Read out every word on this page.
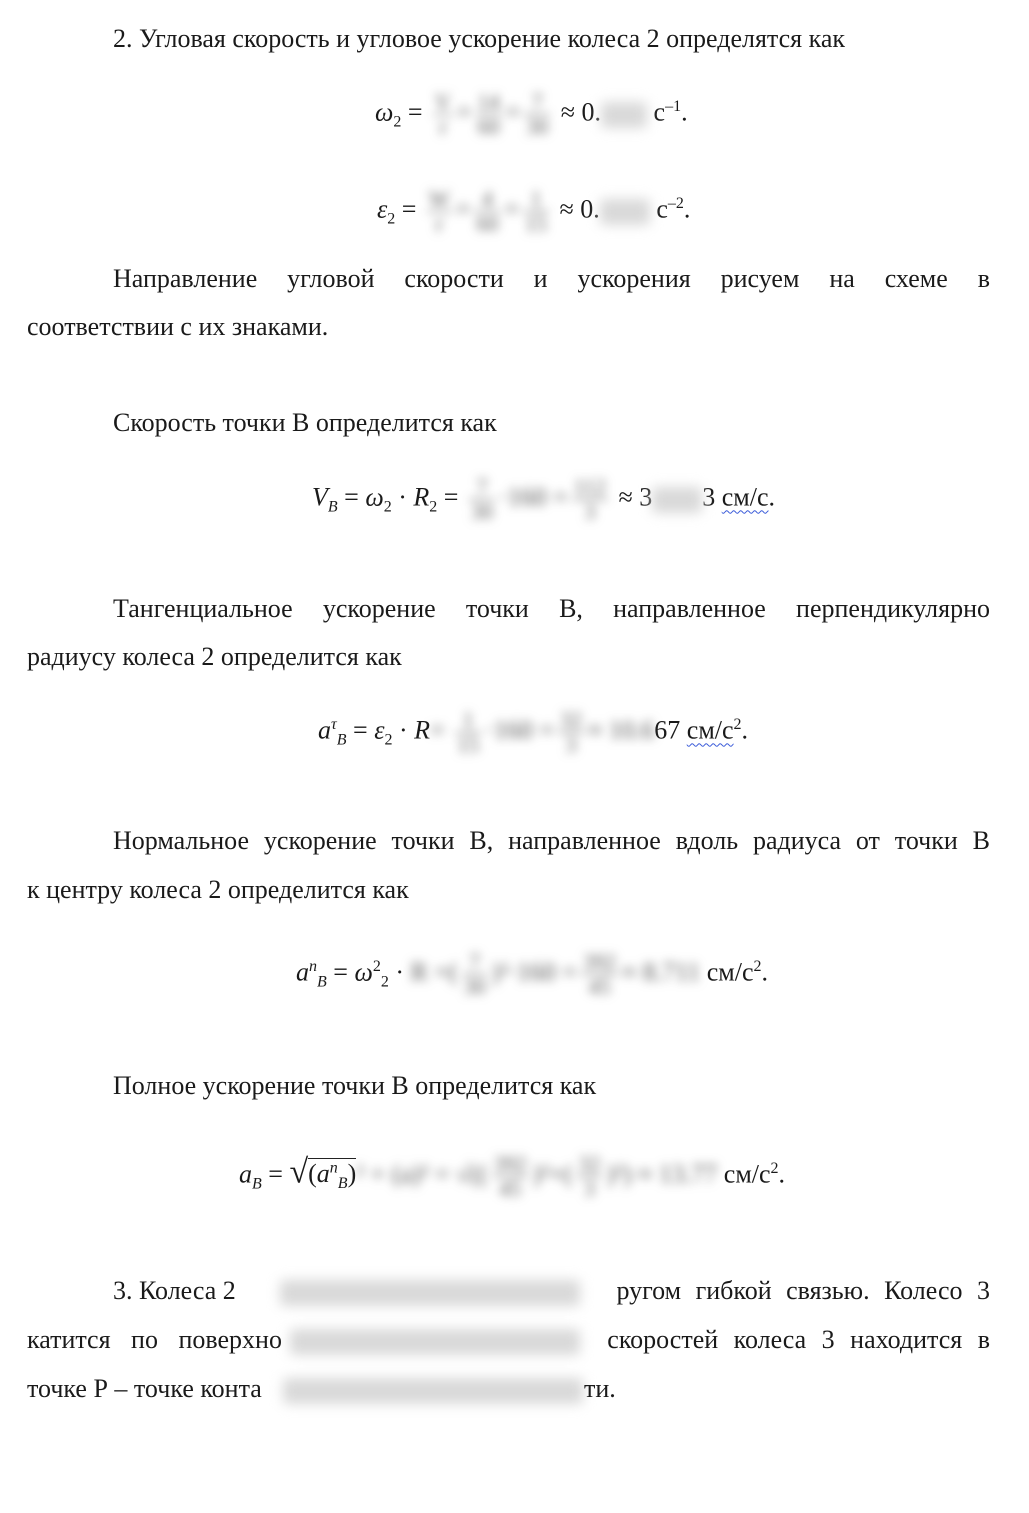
2. Угловая скорость и угловое ускорение колеса 2 определятся как
$\omega_2 = \frac{V}{r} = \frac{14}{60} = \frac{7}{30} \approx 0$. $c^{-1}$.
$\varepsilon_2 = \frac{W}{r} = \frac{4}{60} = \frac{1}{15} \approx 0$. $c^{-2}$.
Направление угловой скорости и ускорения рисуем на схеме в
соответствии с их знаками.
Скорость точки В определится как
$V_B = \omega_2 \cdot R_2 = \frac{7}{30} \cdot 160 = \frac{112}{3} \approx 3$ 3 см/с.
Тангенциальное ускорение точки В, направленное перпендикулярно
радиусу колеса 2 определится как
$a^\tau_B = \varepsilon_2 \cdot R= \frac{1}{15} \cdot 160 = \frac{32}{3} \approx 10.667$ $см/с^2$.
Нормальное ускорение точки В, направленное вдоль радиуса от точки В
к центру колеса 2 определится как
$a^n_B = \omega^2_2 \cdot R$ =( $\frac{7}{30} )^2\cdot 160 = \frac{392}{45} \approx 8.711$ $см/с^2$.
Полное ускорение точки В определится как
$a_B = √(a^n_B)^2 + (a)^2$ = √(( $\frac{392}{45} )^2+( \frac{32}{3} )^2) \approx 13.77$ $см/с^2$.
3. Колеса 2	ругом гибкой связью. Колесо 3
катится по поверхно	скоростей колеса 3 находится в
точке Р – точке конта	ти.
